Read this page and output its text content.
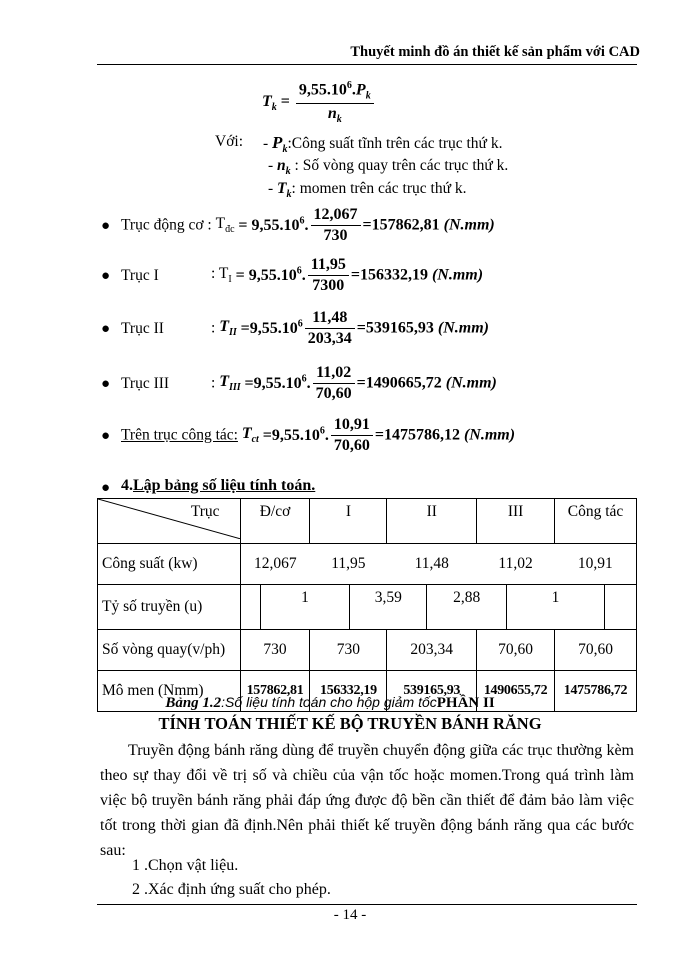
Thuyết minh đồ án thiết kế sản phẩm với CAD
$T_k = \frac{9,55.10^6.P_k}{n_k}$
Với: - $P_k:Công$ suất tĩnh trên các trục thứ k.
- $n_k$ : Số vòng quay trên các trục thứ k.
- $T_k$: momen trên các trục thứ k.
● Trục động cơ : $T_{đc} = 9,55.10^6$. $\frac{12,067}{730} =157862,81$ (N.mm)
● Trục I	: $T_I = 9,55.10^6$. $\frac{11,95}{7300} =156332,19$ (N.mm)
● Trục II	: $T_{II} =9,55.10^6 \frac{11,48}{203,34} =539165,93$ (N.mm)
● Trục III	: $T_{III} =9,55.10^6$. $\frac{11,02}{70,60} =1490665,72$ (N.mm)
● Trên trục công tác: $T_{ct} =9,55.10^6$. $\frac{10,91}{70,60} =1475786,12$ (N.mm)
● 4.Lập bảng số liệu tính toán.
Trục	Đ/cơ		I		II		III		Công tác	
Công suất (kw)	12,067		11,95		11,48		11,02		10,91	
Tỷ số truyền (u)		1		3,59		2,88		1		
Số vòng quay(v/ph)	730		730		203,34		70,60		70,60	
Mô men (Nmm)	157862,81		156332,19		539165,93		1490655,72		1475786,72	
Bảng 1.2:Số liệu tính toán cho hộp giảm tốcPHẦN II
TÍNH TOÁN THIẾT KẾ BỘ TRUYỀN BÁNH RĂNG
Truyền động bánh răng dùng để truyền chuyển động giữa các trục thường kèm theo sự thay đổi về trị số và chiều của vận tốc hoặc momen.Trong quá trình làm việc bộ truyền bánh răng phải đáp ứng được độ bền cần thiết để đảm bảo làm việc tốt trong thời gian đã định.Nên phải thiết kế truyền động bánh răng qua các bước sau:
1 .Chọn vật liệu.
2 .Xác định ứng suất cho phép.
- 14 -
